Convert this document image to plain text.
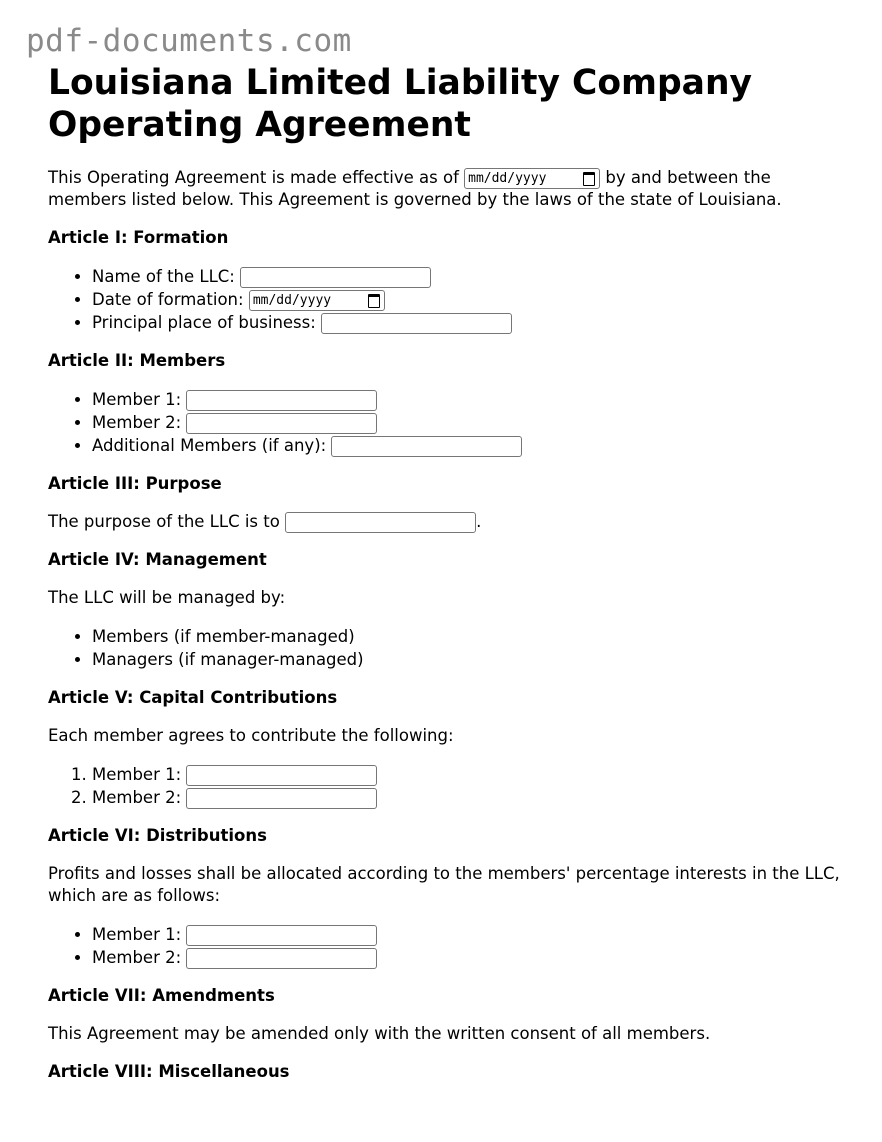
pdf-documents.com
Louisiana Limited Liability Company Operating Agreement

This Operating Agreement is made effective as of mm/dd/yyyy	by and between the members listed below. This Agreement is governed by the laws of the state of Louisiana.

Article I: Formation
• Name of the LLC:
• Date of formation: mm/dd/yyyy
• Principal place of business:
Article II: Members
• Member 1:
• Member 2:
• Additional Members (if any):
Article III: Purpose

The purpose of the LLC is to	.

Article IV: Management

The LLC will be managed by:

• Members (if member-managed)
• Managers (if manager-managed)
Article V: Capital Contributions

Each member agrees to contribute the following:

1. Member 1:
2. Member 2:
Article VI: Distributions

Profits and losses shall be allocated according to the members' percentage interests in the LLC, which are as follows:

• Member 1:
• Member 2:
Article VII: Amendments

This Agreement may be amended only with the written consent of all members.

Article VIII: Miscellaneous
